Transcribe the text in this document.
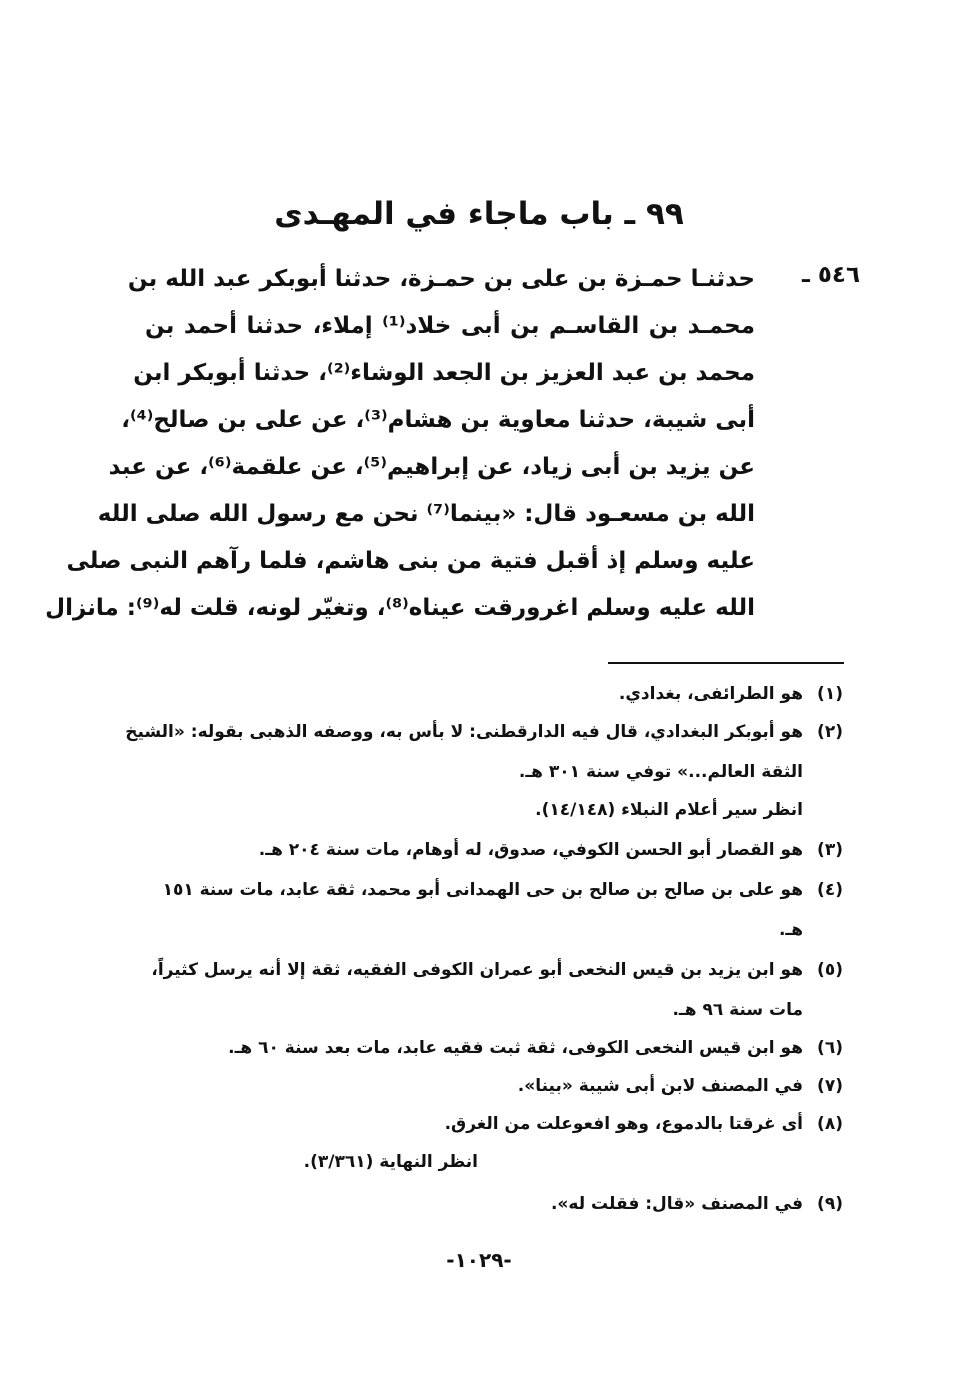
٩٩ ـ باب ماجاء في المهـدى
٥٤٦ ـ
حدثنـا حمـزة بن على بن حمـزة، حدثنا أبوبكر عبد الله بن
محمـد بن القاسـم بن أبى خلاد⁽¹⁾ إملاء، حدثنا أحمد بن
محمد بن عبد العزيز بن الجعد الوشاء⁽²⁾، حدثنا أبوبكر ابن
أبى شيبة، حدثنا معاوية بن هشام⁽³⁾، عن على بن صالح⁽⁴⁾،
عن يزيد بن أبى زياد، عن إبراهيم⁽⁵⁾، عن علقمة⁽⁶⁾، عن عبد
الله بن مسعـود قال: «بينما⁽⁷⁾ نحن مع رسول الله صلى الله
عليه وسلم إذ أقبل فتية من بنى هاشم، فلما رآهم النبى صلى
الله عليه وسلم اغرورقت عيناه⁽⁸⁾، وتغيّر لونه، قلت له⁽⁹⁾: مانزال
(١)هو الطرائفى، بغدادي.
(٢)هو أبوبكر البغدادي، قال فيه الدارقطنى: لا بأس به، ووصفه الذهبى بقوله: «الشيخ
الثقة العالم...» توفي سنة ٣٠١ هـ.
انظر سير أعلام النبلاء (١٤/١٤٨).
(٣)هو القصار أبو الحسن الكوفي، صدوق، له أوهام، مات سنة ٢٠٤ هـ.
(٤)هو على بن صالح بن صالح بن حى الهمدانى أبو محمد، ثقة عابد، مات سنة ١٥١
هـ.
(٥)هو ابن يزيد بن قيس النخعى أبو عمران الكوفى الفقيه، ثقة إلا أنه يرسل كثيراً،
مات سنة ٩٦ هـ.
(٦)هو ابن قيس النخعى الكوفى، ثقة ثبت فقيه عابد، مات بعد سنة ٦٠ هـ.
(٧)في المصنف لابن أبى شيبة «بينا».
(٨)أى غرقتا بالدموع، وهو افعوعلت من الغرق.
انظر النهاية (٣/٣٦١).
(٩)في المصنف «قال: فقلت له».
-١٠٢٩-
